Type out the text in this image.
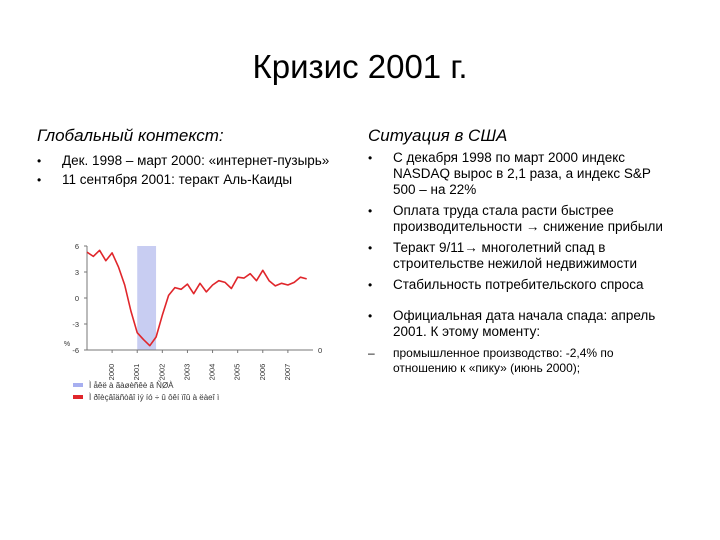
Кризис 2001 г.
Глобальный контекст:
• Дек. 1998 – март 2000: «интернет-пузырь»
• 11 сентября 2001: теракт Аль-Каиды
6
3
0
-3
-6
%
0
2000 2001 2002 2003 2004 2005 2006 2007
Ì åêë à ãàøèñêè â ÑØÀ
Ì ðîèçâîäñòâî ìý íó ÷ û ôêí ïîû à ëàeî ì
Ситуация в США
• С декабря 1998 по март 2000 индекс NASDAQ вырос в 2,1 раза, а индекс S&P 500 – на 22%
• Оплата труда стала расти быстрее производительности → снижение прибыли
• Теракт 9/11→ многолетний спад в строительстве нежилой недвижимости
• Стабильность потребительского спроса
• Официальная дата начала спада: апрель 2001. К этому моменту:
– промышленное производство: -2,4% по отношению к «пику» (июнь 2000);
